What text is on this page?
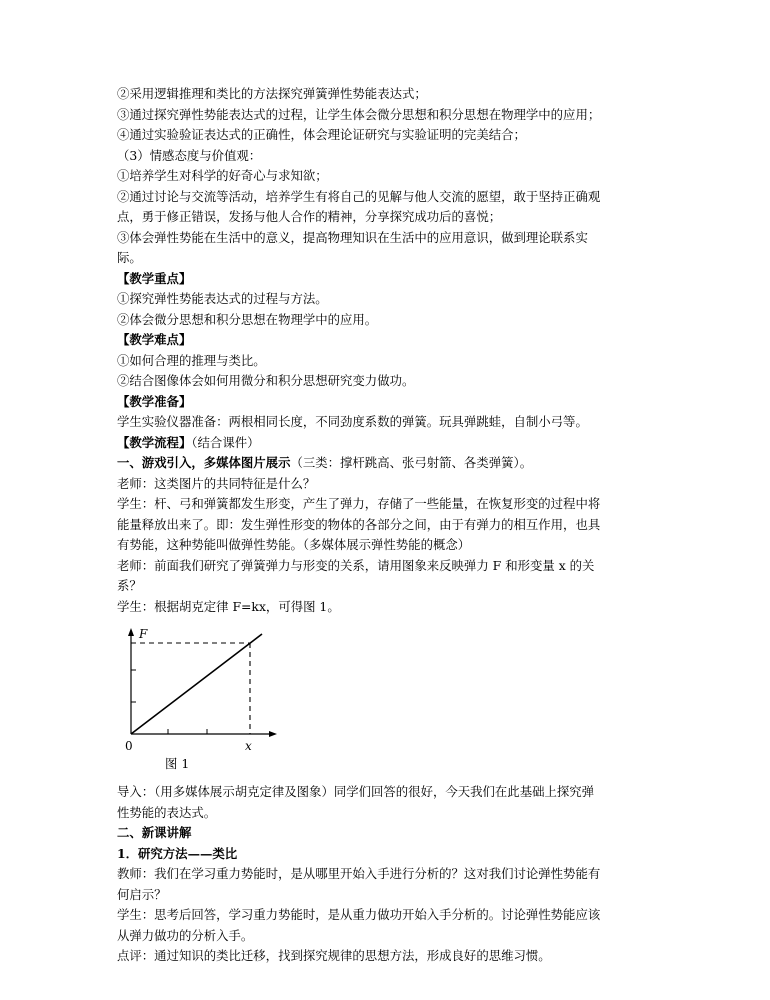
②采用逻辑推理和类比的方法探究弹簧弹性势能表达式；
③通过探究弹性势能表达式的过程，让学生体会微分思想和积分思想在物理学中的应用；
④通过实验验证表达式的正确性，体会理论证研究与实验证明的完美结合；
（3）情感态度与价值观：
①培养学生对科学的好奇心与求知欲；
②通过讨论与交流等活动，培养学生有将自己的见解与他人交流的愿望，敢于坚持正确观
点，勇于修正错误，发扬与他人合作的精神，分享探究成功后的喜悦；
③体会弹性势能在生活中的意义，提高物理知识在生活中的应用意识，做到理论联系实
际。
【教学重点】
①探究弹性势能表达式的过程与方法。
②体会微分思想和积分思想在物理学中的应用。
【教学难点】
①如何合理的推理与类比。
②结合图像体会如何用微分和积分思想研究变力做功。
【教学准备】
学生实验仪器准备：两根相同长度，不同劲度系数的弹簧。玩具弹跳蛙，自制小弓等。
【教学流程】（结合课件）
一、游戏引入，多媒体图片展示（三类：撑杆跳高、张弓射箭、各类弹簧）。
老师：这类图片的共同特征是什么？
学生：杆、弓和弹簧都发生形变，产生了弹力，存储了一些能量，在恢复形变的过程中将
能量释放出来了。即：发生弹性形变的物体的各部分之间，由于有弹力的相互作用，也具
有势能，这种势能叫做弹性势能。（多媒体展示弹性势能的概念）
老师：前面我们研究了弹簧弹力与形变的关系，请用图象来反映弹力 F 和形变量 x 的关
系？
学生：根据胡克定律 F=kx，可得图 1。
F
x
0
图 1
导入：（用多媒体展示胡克定律及图象）同学们回答的很好，今天我们在此基础上探究弹
性势能的表达式。
二、新课讲解
1．研究方法——类比
教师：我们在学习重力势能时，是从哪里开始入手进行分析的？这对我们讨论弹性势能有
何启示？
学生：思考后回答，学习重力势能时，是从重力做功开始入手分析的。讨论弹性势能应该
从弹力做功的分析入手。
点评：通过知识的类比迁移，找到探究规律的思想方法，形成良好的思维习惯。
